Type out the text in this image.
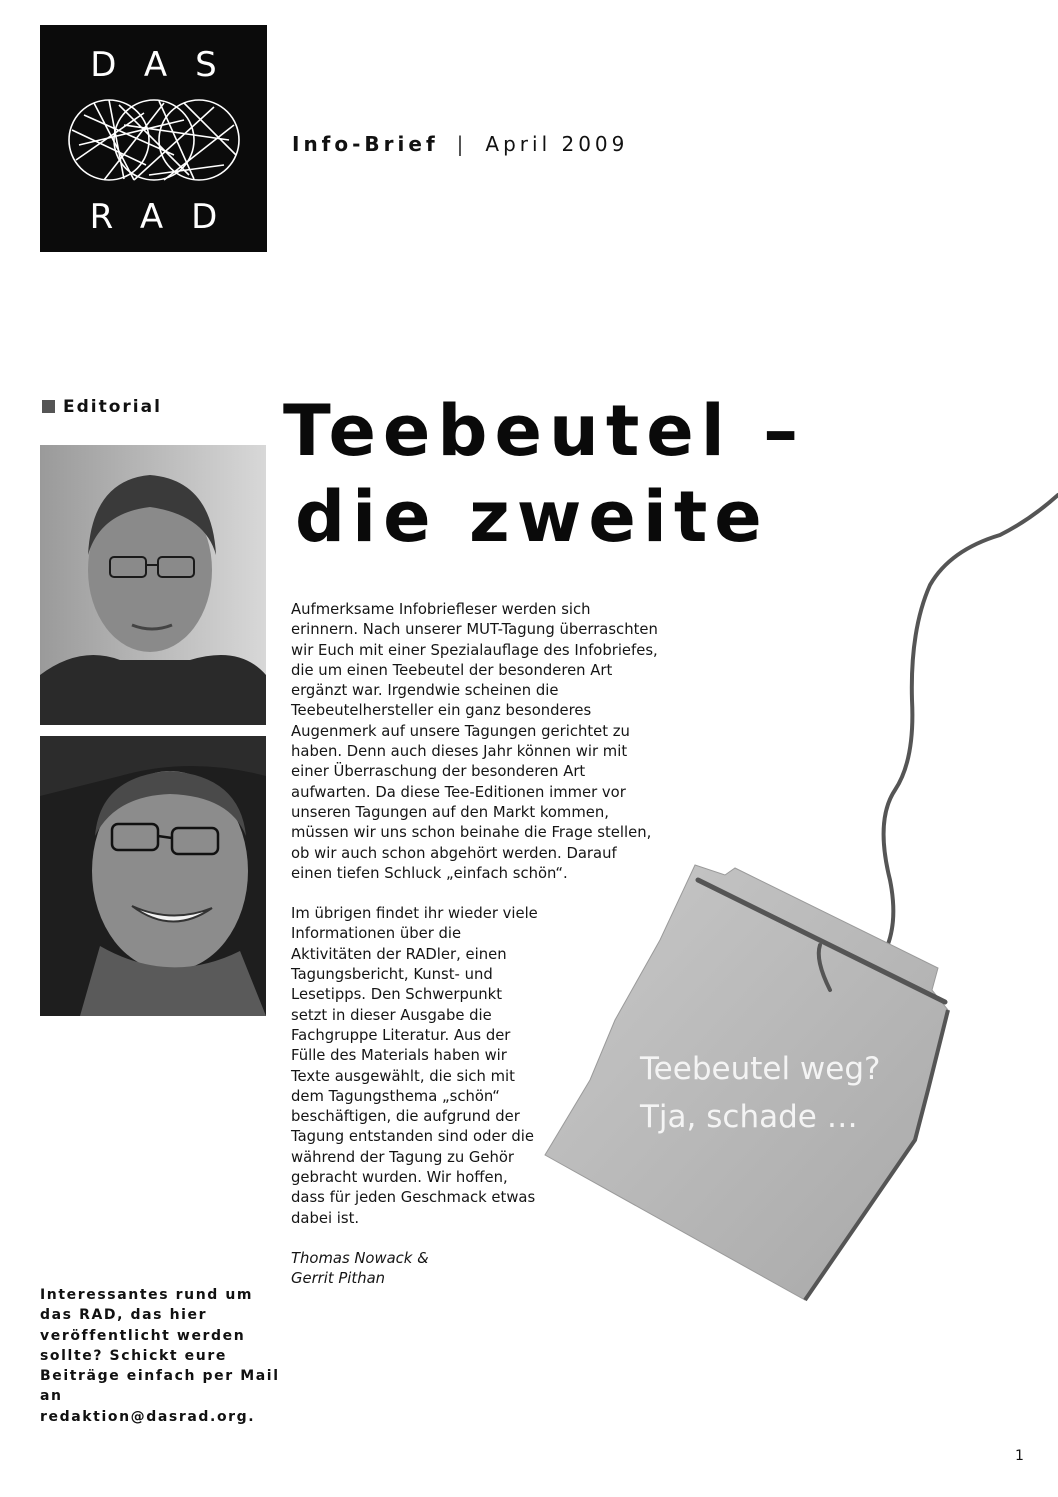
DAS
RAD
Info-Brief | April 2009
Editorial Teebeutel –
die zweite

Aufmerksame Infobriefleser werden sich erinnern. Nach unserer MUT-Tagung überraschten wir Euch mit einer Spezialauflage des Infobriefes, die um einen Teebeutel der besonderen Art ergänzt war. Irgendwie scheinen die Teebeutelhersteller ein ganz besonderes Augenmerk auf unsere Tagungen gerichtet zu haben. Denn auch dieses Jahr können wir mit einer Überraschung der besonderen Art aufwarten. Da diese Tee-Editionen immer vor unseren Tagungen auf den Markt kommen, müssen wir uns schon beinahe die Frage stellen, ob wir auch schon abgehört werden. Darauf einen tiefen Schluck „einfach schön“.

Im übrigen findet ihr wieder viele Informationen über die Aktivitäten der RADler, einen Tagungsbericht, Kunst- und Lesetipps. Den Schwerpunkt setzt in dieser Ausgabe die Fachgruppe Literatur. Aus der Fülle des Materials haben wir Texte ausgewählt, die sich mit dem Tagungsthema „schön“ beschäftigen, die aufgrund der Tagung entstanden sind oder die während der Tagung zu Gehör gebracht wurden. Wir hoffen, dass für jeden Geschmack etwas dabei ist.

Thomas Nowack &
Gerrit Pithan

Teebeutel weg?
Tja, schade …
Interessantes rund um das RAD, das hier veröffentlicht werden sollte? Schickt eure Beiträge einfach per Mail an redaktion@dasrad.org.
1
